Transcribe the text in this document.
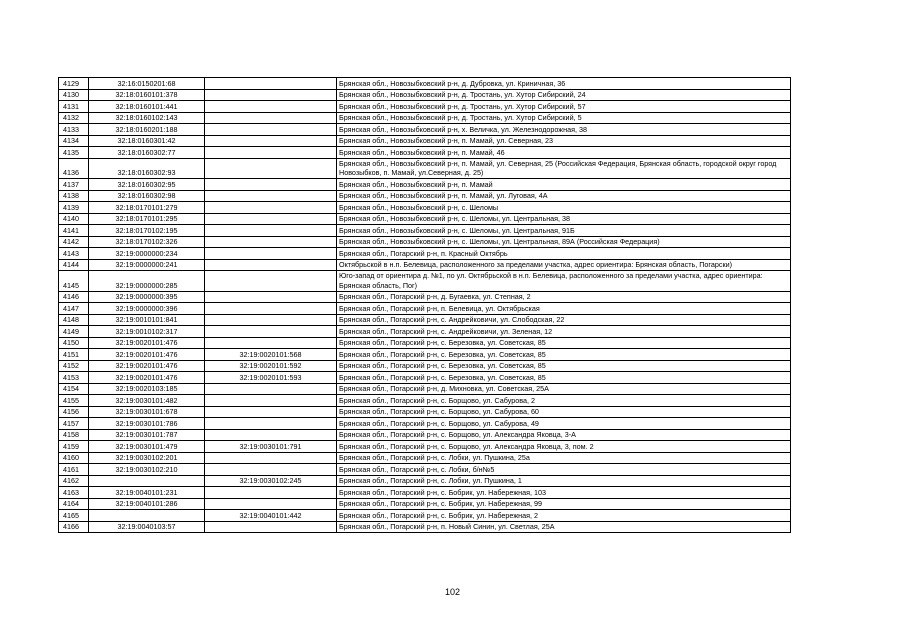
4129	32:16:0150201:68		Брянская обл., Новозыбковский р-н, д. Дубровка, ул. Криничная, 36
4130	32:18:0160101:378		Брянская обл., Новозыбковский р-н, д. Тростань, ул. Хутор Сибирский, 24
4131	32:18:0160101:441		Брянская обл., Новозыбковский р-н, д. Тростань, ул. Хутор Сибирский, 57
4132	32:18:0160102:143		Брянская обл., Новозыбковский р-н, д. Тростань, ул. Хутор Сибирский, 5
4133	32:18:0160201:188		Брянская обл., Новозыбковский р-н, х. Величка, ул. Железнодорожная, 38
4134	32:18:0160301:42		Брянская обл., Новозыбковский р-н, п. Мамай, ул. Северная, 23
4135	32:18:0160302:77		Брянская обл., Новозыбковский р-н, п. Мамай, 46
4136	32:18:0160302:93		Брянская обл., Новозыбковский р-н, п. Мамай, ул. Северная, 25 (Российская Федерация, Брянская область, городской округ город Новозыбков, п. Мамай, ул.Северная, д. 25)
4137	32:18:0160302:95		Брянская обл., Новозыбковский р-н, п. Мамай
4138	32:18:0160302:98		Брянская обл., Новозыбковский р-н, п. Мамай, ул. Луговая, 4А
4139	32:18:0170101:279		Брянская обл., Новозыбковский р-н, с. Шеломы
4140	32:18:0170101:295		Брянская обл., Новозыбковский р-н, с. Шеломы, ул. Центральная, 38
4141	32:18:0170102:195		Брянская обл., Новозыбковский р-н, с. Шеломы, ул. Центральная, 91Б
4142	32:18:0170102:326		Брянская обл., Новозыбковский р-н, с. Шеломы, ул. Центральная, 89А (Российская Федерация)
4143	32:19:0000000:234		Брянская обл., Погарский р-н, п. Красный Октябрь
4144	32:19:0000000:241		Октябрьской в н.п. Белевица, расположенного за пределами участка, адрес ориентира: Брянская область, Погарски)
4145	32:19:0000000:285		Юго-запад от ориентира д. №1, по ул. Октябрьской в н.п. Белевица, расположенного за пределами участка, адрес ориентира: Брянская область, Пог)
4146	32:19:0000000:395		Брянская обл., Погарский р-н, д. Бугаевка, ул. Степная, 2
4147	32:19:0000000:396		Брянская обл., Погарский р-н, п. Белевица, ул. Октябрьская
4148	32:19:0010101:841		Брянская обл., Погарский р-н, с. Андрейковичи, ул. Слободская, 22
4149	32:19:0010102:317		Брянская обл., Погарский р-н, с. Андрейковичи, ул. Зеленая, 12
4150	32:19:0020101:476		Брянская обл., Погарский р-н, с. Березовка, ул. Советская, 85
4151	32:19:0020101:476	32:19:0020101:568	Брянская обл., Погарский р-н, с. Березовка, ул. Советская, 85
4152	32:19:0020101:476	32:19:0020101:592	Брянская обл., Погарский р-н, с. Березовка, ул. Советская, 85
4153	32:19:0020101:476	32:19:0020101:593	Брянская обл., Погарский р-н, с. Березовка, ул. Советская, 85
4154	32:19:0020103:185		Брянская обл., Погарский р-н, д. Михновка, ул. Советская, 25А
4155	32:19:0030101:482		Брянская обл., Погарский р-н, с. Борщово, ул. Сабурова, 2
4156	32:19:0030101:678		Брянская обл., Погарский р-н, с. Борщово, ул. Сабурова, 60
4157	32:19:0030101:786		Брянская обл., Погарский р-н, с. Борщово, ул. Сабурова, 49
4158	32:19:0030101:787		Брянская обл., Погарский р-н, с. Борщово, ул. Александра Яковца, 3-А
4159	32:19:0030101:479	32:19:0030101:791	Брянская обл., Погарский р-н, с. Борщово, ул. Александра Яковца, 3, пом. 2
4160	32:19:0030102:201		Брянская обл., Погарский р-н, с. Лобки, ул. Пушкина, 25а
4161	32:19:0030102:210		Брянская обл., Погарский р-н, с. Лобки, б/н№5
4162		32:19:0030102:245	Брянская обл., Погарский р-н, с. Лобки, ул. Пушкина, 1
4163	32:19:0040101:231		Брянская обл., Погарский р-н, с. Бобрик, ул. Набережная, 103
4164	32:19:0040101:286		Брянская обл., Погарский р-н, с. Бобрик, ул. Набережная, 99
4165		32:19:0040101:442	Брянская обл., Погарский р-н, с. Бобрик, ул. Набережная, 2
4166	32:19:0040103:57		Брянская обл., Погарский р-н, п. Новый Синин, ул. Светлая, 25А
102
